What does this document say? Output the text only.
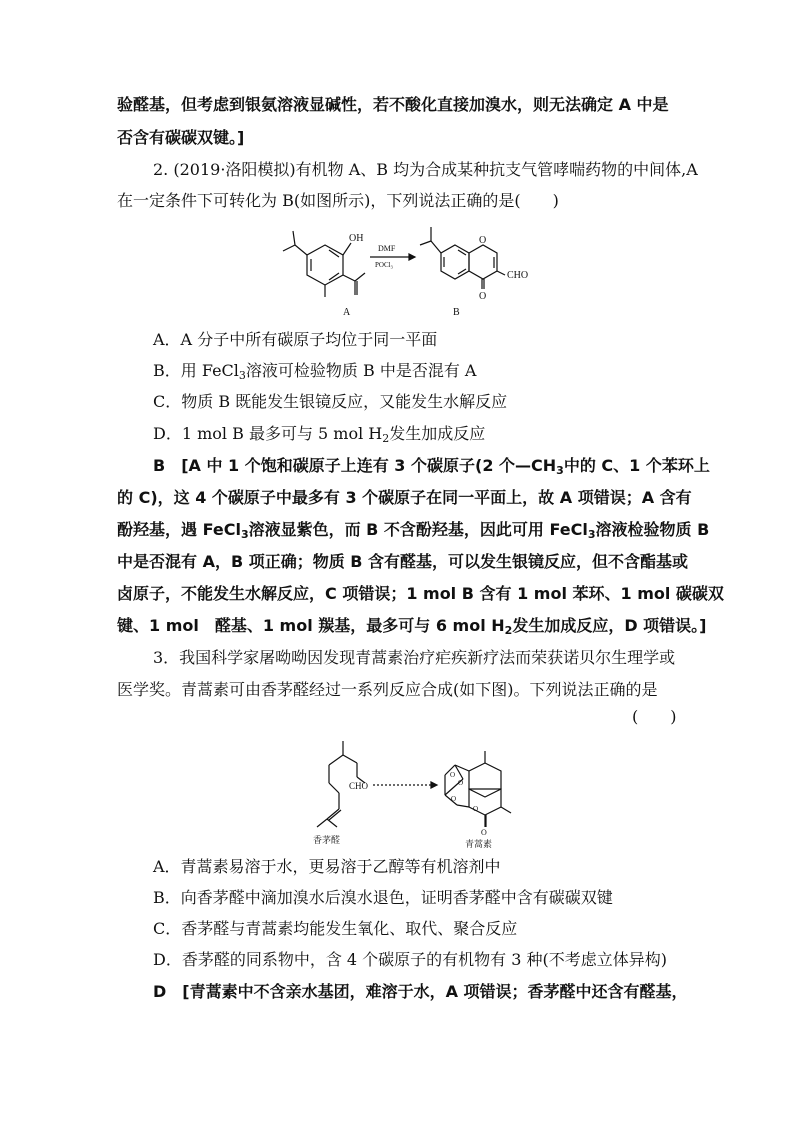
验醛基，但考虑到银氨溶液显碱性，若不酸化直接加溴水，则无法确定 A 中是
否含有碳碳双键。]
2. (2019·洛阳模拟)有机物 A、B 均为合成某种抗支气管哮喘药物的中间体,A
在一定条件下可转化为 B(如图所示)，下列说法正确的是(　　)
OH
A
DMF
POCl₃
O
O
CHO
B
A．A 分子中所有碳原子均位于同一平面
B．用 FeCl$_3$溶液可检验物质 B 中是否混有 A
C．物质 B 既能发生银镜反应，又能发生水解反应
D．1 mol B 最多可与 5 mol $H_2$发生加成反应
B　[A 中 1 个饱和碳原子上连有 3 个碳原子(2 个$—CH_3$中的 C、1 个苯环上
的 C)，这 4 个碳原子中最多有 3 个碳原子在同一平面上，故 A 项错误；A 含有
酚羟基，遇 FeCl$_3$溶液显紫色，而 B 不含酚羟基，因此可用 FeCl$_3$溶液检验物质 B
中是否混有 A，B 项正确；物质 B 含有醛基，可以发生银镜反应，但不含酯基或
卤原子，不能发生水解反应，C 项错误；1 mol B 含有 1 mol 苯环、1 mol 碳碳双
键、1 mol　醛基、1 mol 羰基，最多可与 6 mol $H_2$发生加成反应，D 项错误。]
3．我国科学家屠呦呦因发现青蒿素治疗疟疾新疗法而荣获诺贝尔生理学或
医学奖。青蒿素可由香茅醛经过一系列反应合成(如下图)。下列说法正确的是
(　　)
CHO
香茅醛
O
O
O
O
O
青蒿素
A．青蒿素易溶于水，更易溶于乙醇等有机溶剂中
B．向香茅醛中滴加溴水后溴水退色，证明香茅醛中含有碳碳双键
C．香茅醛与青蒿素均能发生氧化、取代、聚合反应
D．香茅醛的同系物中，含 4 个碳原子的有机物有 3 种(不考虑立体异构)
D　[青蒿素中不含亲水基团，难溶于水，A 项错误；香茅醛中还含有醛基，
